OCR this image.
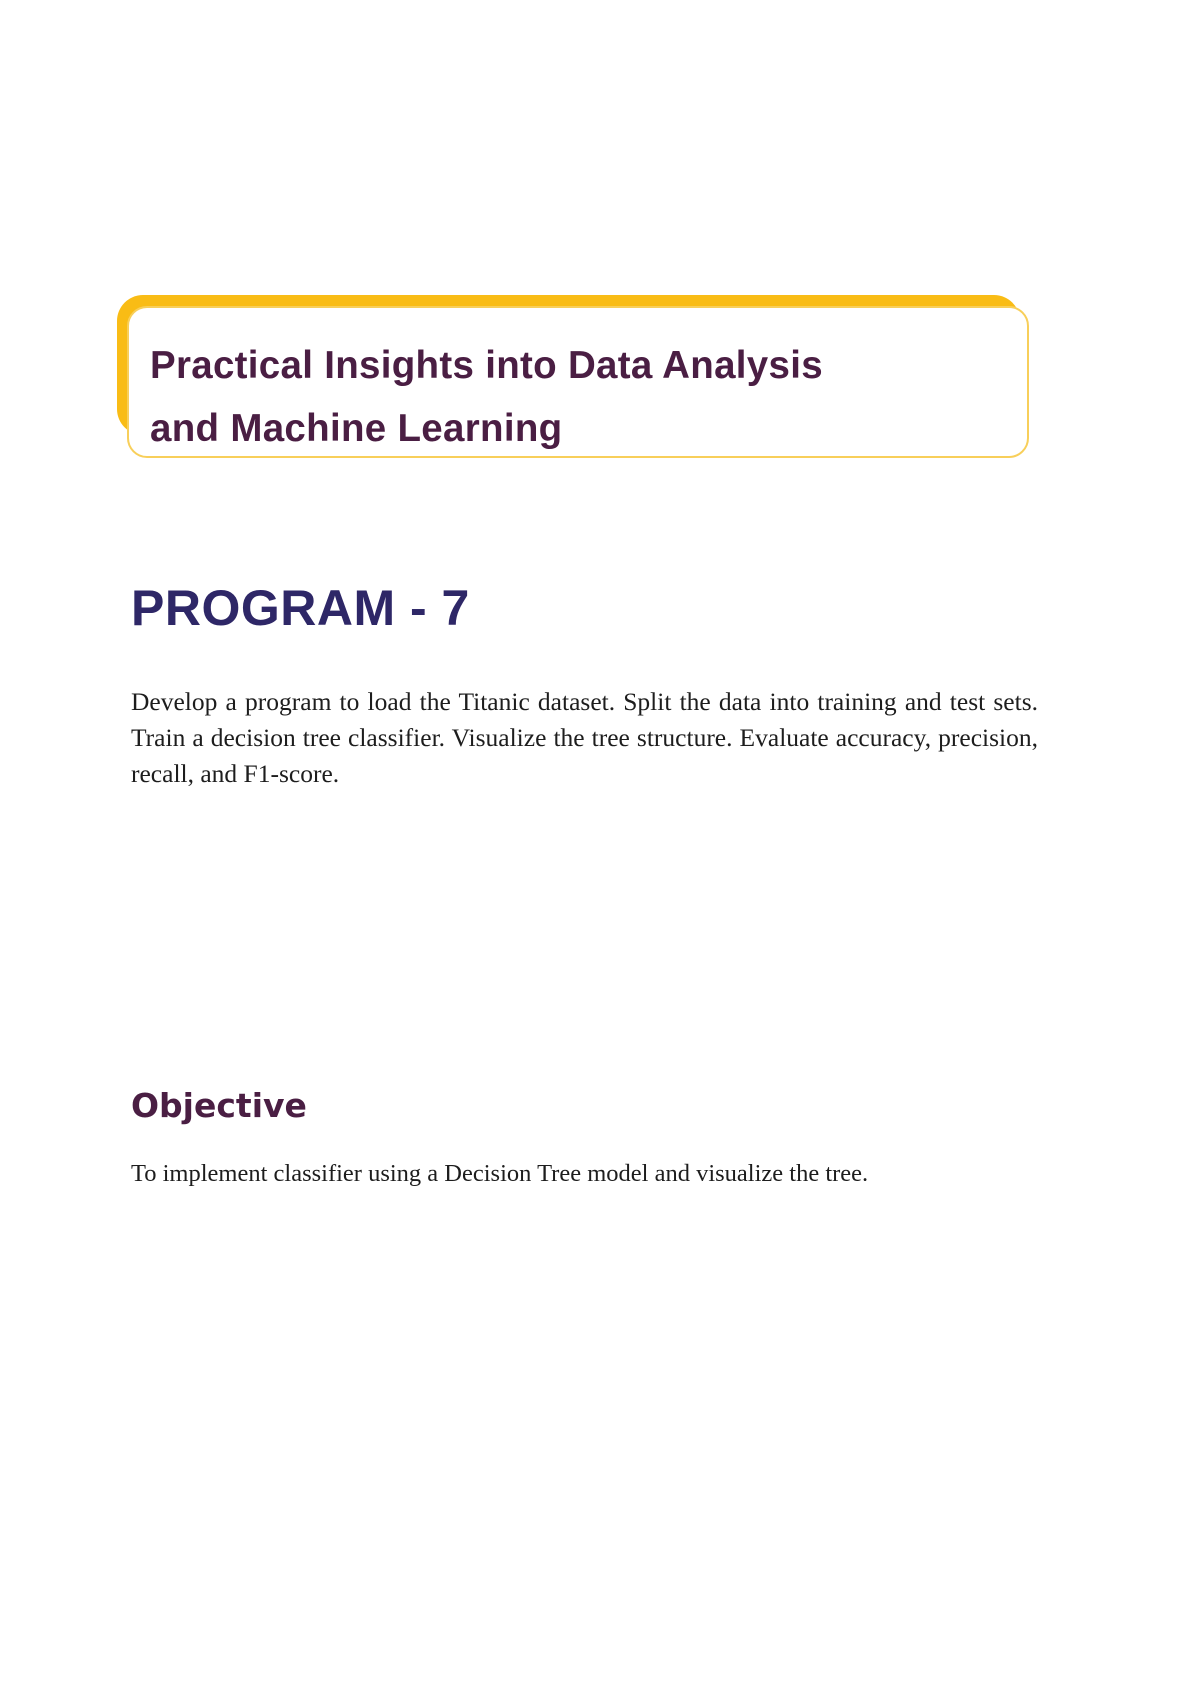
Practical Insights into Data Analysis
and Machine Learning
PROGRAM - 7

Develop a program to load the Titanic dataset. Split the data into training and test sets. Train a decision tree classifier. Visualize the tree structure. Evaluate accuracy, precision, recall, and F1-score.

Objective

To implement classifier using a Decision Tree model and visualize the tree.
